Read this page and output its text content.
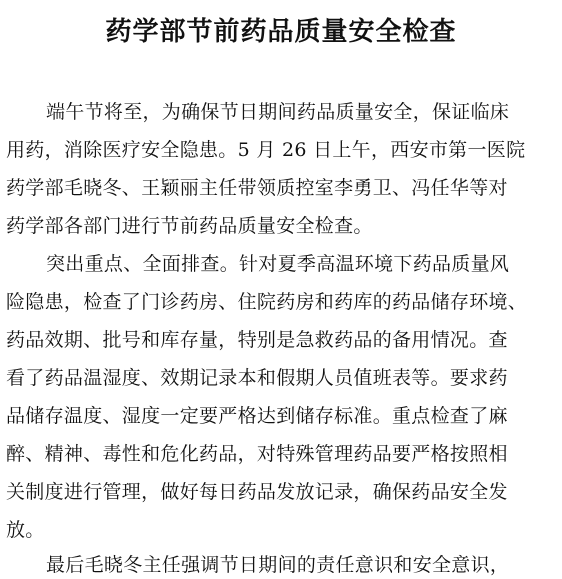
药学部节前药品质量安全检查
端午节将至，为确保节日期间药品质量安全，保证临床
用药，消除医疗安全隐患。5 月 26 日上午，西安市第一医院
药学部毛晓冬、王颖丽主任带领质控室李勇卫、冯任华等对
药学部各部门进行节前药品质量安全检查。
突出重点、全面排查。针对夏季高温环境下药品质量风
险隐患，检查了门诊药房、住院药房和药库的药品储存环境、
药品效期、批号和库存量，特别是急救药品的备用情况。查
看了药品温湿度、效期记录本和假期人员值班表等。要求药
品储存温度、湿度一定要严格达到储存标准。重点检查了麻
醉、精神、毒性和危化药品，对特殊管理药品要严格按照相
关制度进行管理，做好每日药品发放记录，确保药品安全发
放。
最后毛晓冬主任强调节日期间的责任意识和安全意识，
